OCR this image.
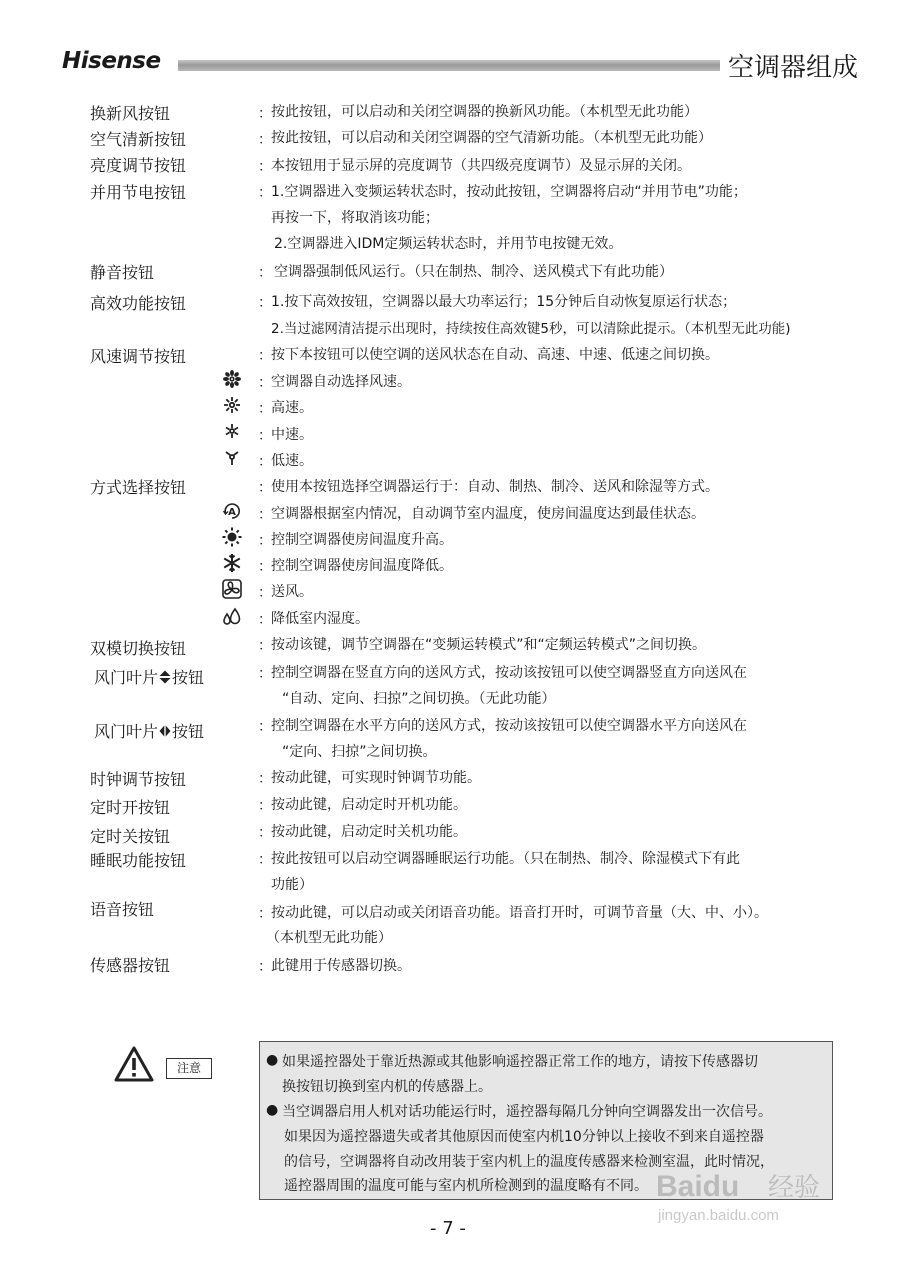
Hisense	空调器组成
换新风按钮	： 按此按钮，可以启动和关闭空调器的换新风功能。（本机型无此功能）
空气清新按钮	： 按此按钮，可以启动和关闭空调器的空气清新功能。（本机型无此功能）
亮度调节按钮	： 本按钮用于显示屏的亮度调节（共四级亮度调节）及显示屏的关闭。
并用节电按钮	： 1.空调器进入变频运转状态时，按动此按钮，空调器将启动“并用节电”功能；
再按一下，将取消该功能；
2.空调器进入IDM定频运转状态时，并用节电按键无效。
静音按钮	： 空调器强制低风运行。（只在制热、制冷、送风模式下有此功能）
高效功能按钮	： 1.按下高效按钮，空调器以最大功率运行；15分钟后自动恢复原运行状态；
2.当过滤网清洁提示出现时，持续按住高效键5秒，可以清除此提示。（本机型无此功能)
风速调节按钮	： 按下本按钮可以使空调的送风状态在自动、高速、中速、低速之间切换。
： 空调器自动选择风速。
： 高速。
： 中速。
： 低速。
方式选择按钮	： 使用本按钮选择空调器运行于：自动、制热、制冷、送风和除湿等方式。
A ： 空调器根据室内情况，自动调节室内温度，使房间温度达到最佳状态。
： 控制空调器使房间温度升高。
： 控制空调器使房间温度降低。
： 送风。
： 降低室内湿度。
双模切换按钮	： 按动该键，调节空调器在“变频运转模式”和“定频运转模式”之间切换。
风门叶片 按钮	： 控制空调器在竖直方向的送风方式，按动该按钮可以使空调器竖直方向送风在
“自动、定向、扫掠”之间切换。（无此功能）
风门叶片 按钮	： 控制空调器在水平方向的送风方式，按动该按钮可以使空调器水平方向送风在
“定向、扫掠”之间切换。
时钟调节按钮	： 按动此键，可实现时钟调节功能。
定时开按钮	： 按动此键，启动定时开机功能。
定时关按钮	： 按动此键，启动定时关机功能。
睡眠功能按钮	： 按此按钮可以启动空调器睡眠运行功能。（只在制热、制冷、除湿模式下有此
功能）
语音按钮	： 按动此键，可以启动或关闭语音功能。语音打开时，可调节音量（大、中、小）。
（本机型无此功能）
传感器按钮	： 此键用于传感器切换。
注意	● 如果遥控器处于靠近热源或其他影响遥控器正常工作的地方，请按下传感器切
换按钮切换到室内机的传感器上。
● 当空调器启用人机对话功能运行时，遥控器每隔几分钟向空调器发出一次信号。
如果因为遥控器遗失或者其他原因而使室内机10分钟以上接收不到来自遥控器
的信号，空调器将自动改用装于室内机上的温度传感器来检测室温，此时情况，
遥控器周围的温度可能与室内机所检测到的温度略有不同。 Baidu 经验
jingyan.baidu.com
- 7 -
